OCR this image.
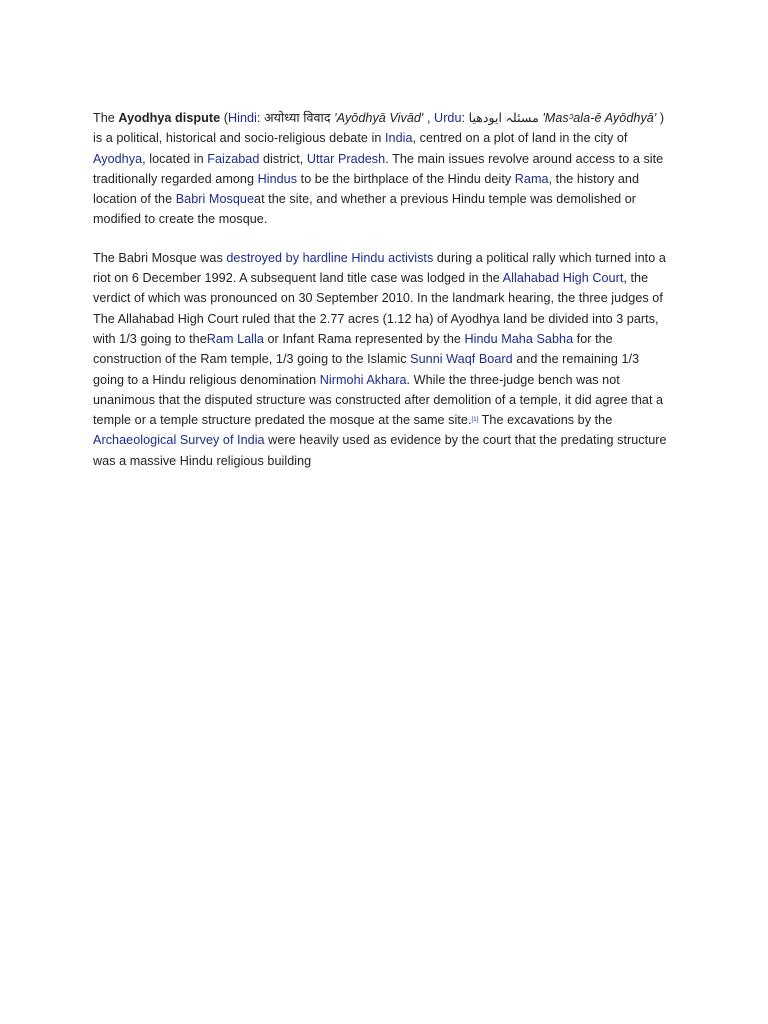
The Ayodhya dispute (Hindi: अयोध्या विवाद 'Ayōdhyā Vivād' , Urdu: مسئلہ ایودھیا 'Masᵓala-ē Ayōdhyā' ) is a political, historical and socio-religious debate in India, centred on a plot of land in the city of Ayodhya, located in Faizabad district, Uttar Pradesh. The main issues revolve around access to a site traditionally regarded among Hindus to be the birthplace of the Hindu deity Rama, the history and location of the Babri Mosqueat the site, and whether a previous Hindu temple was demolished or modified to create the mosque.

The Babri Mosque was destroyed by hardline Hindu activists during a political rally which turned into a riot on 6 December 1992. A subsequent land title case was lodged in the Allahabad High Court, the verdict of which was pronounced on 30 September 2010. In the landmark hearing, the three judges of The Allahabad High Court ruled that the 2.77 acres (1.12 ha) of Ayodhya land be divided into 3 parts, with 1/3 going to theRam Lalla or Infant Rama represented by the Hindu Maha Sabha for the construction of the Ram temple, 1/3 going to the Islamic Sunni Waqf Board and the remaining 1/3 going to a Hindu religious denomination Nirmohi Akhara. While the three-judge bench was not unanimous that the disputed structure was constructed after demolition of a temple, it did agree that a temple or a temple structure predated the mosque at the same site.[1] The excavations by the Archaeological Survey of India were heavily used as evidence by the court that the predating structure was a massive Hindu religious building
